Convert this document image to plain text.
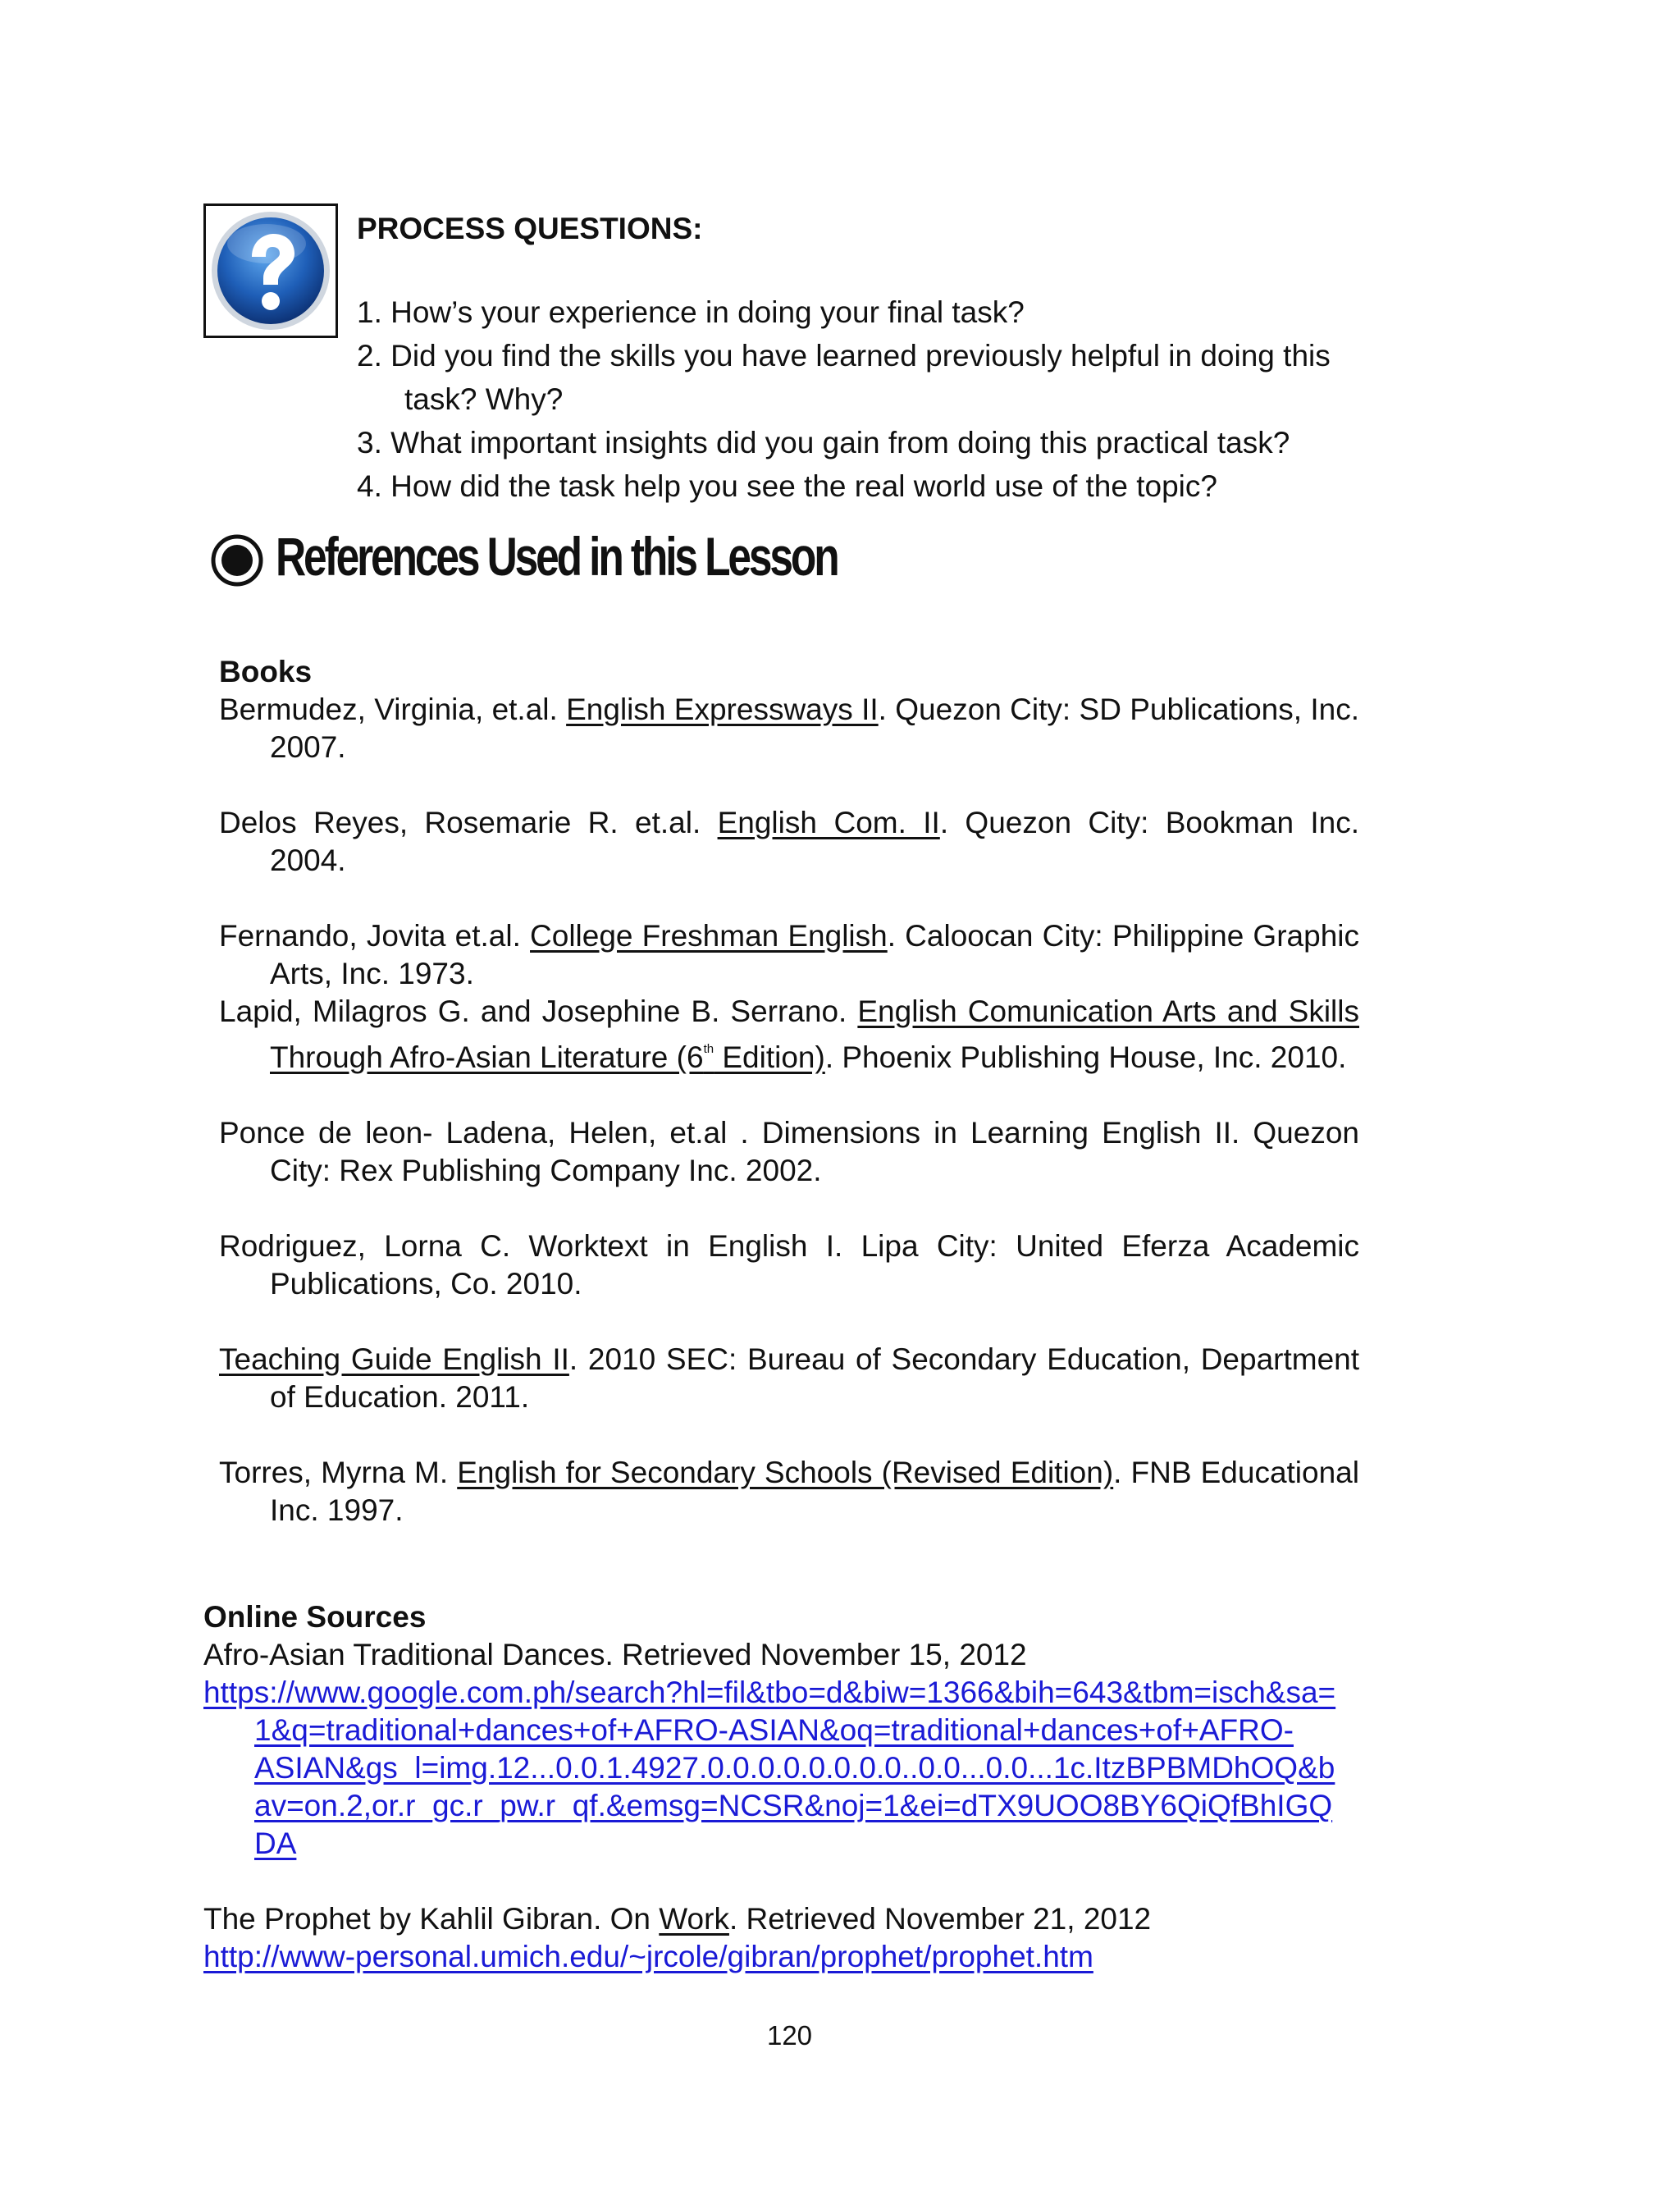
PROCESS QUESTIONS:
1. How’s your experience in doing your final task?
2. Did you find the skills you have learned previously helpful in doing this
task? Why?
3. What important insights did you gain from doing this practical task?
4. How did the task help you see the real world use of the topic?
References Used in this Lesson
Books

Bermudez, Virginia, et.al. English Expressways II. Quezon City: SD Publications, Inc. 2007.

Delos Reyes, Rosemarie R. et.al. English_Com. II. Quezon City: Bookman Inc. 2004.

Fernando, Jovita et.al. College Freshman English. Caloocan City: Philippine Graphic Arts, Inc. 1973.

Lapid, Milagros G. and Josephine B. Serrano. English Comunication Arts and Skills Through Afro-Asian Literature (6th Edition). Phoenix Publishing House, Inc. 2010.

Ponce de leon- Ladena, Helen, et.al . Dimensions in Learning English II. Quezon City: Rex Publishing Company Inc. 2002.

Rodriguez, Lorna C. Worktext in English I. Lipa City: United Eferza Academic Publications, Co. 2010.

Teaching Guide English II. 2010 SEC: Bureau of Secondary Education, Department of Education. 2011.

Torres, Myrna M. English for Secondary Schools (Revised Edition). FNB Educational Inc. 1997.

Online Sources
Afro-Asian Traditional Dances. Retrieved November 15, 2012
https://www.google.com.ph/search?hl=fil&tbo=d&biw=1366&bih=643&tbm=isch&sa=
1&q=traditional+dances+of+AFRO-ASIAN&oq=traditional+dances+of+AFRO-
ASIAN&gs_l=img.12...0.0.1.4927.0.0.0.0.0.0.0.0..0.0...0.0...1c.ItzBPBMDhOQ&b
av=on.2,or.r_gc.r_pw.r_qf.&emsg=NCSR&noj=1&ei=dTX9UOO8BY6QiQfBhIGQ
DA
The Prophet by Kahlil Gibran. On Work. Retrieved November 21, 2012
http://www-personal.umich.edu/~jrcole/gibran/prophet/prophet.htm
120
